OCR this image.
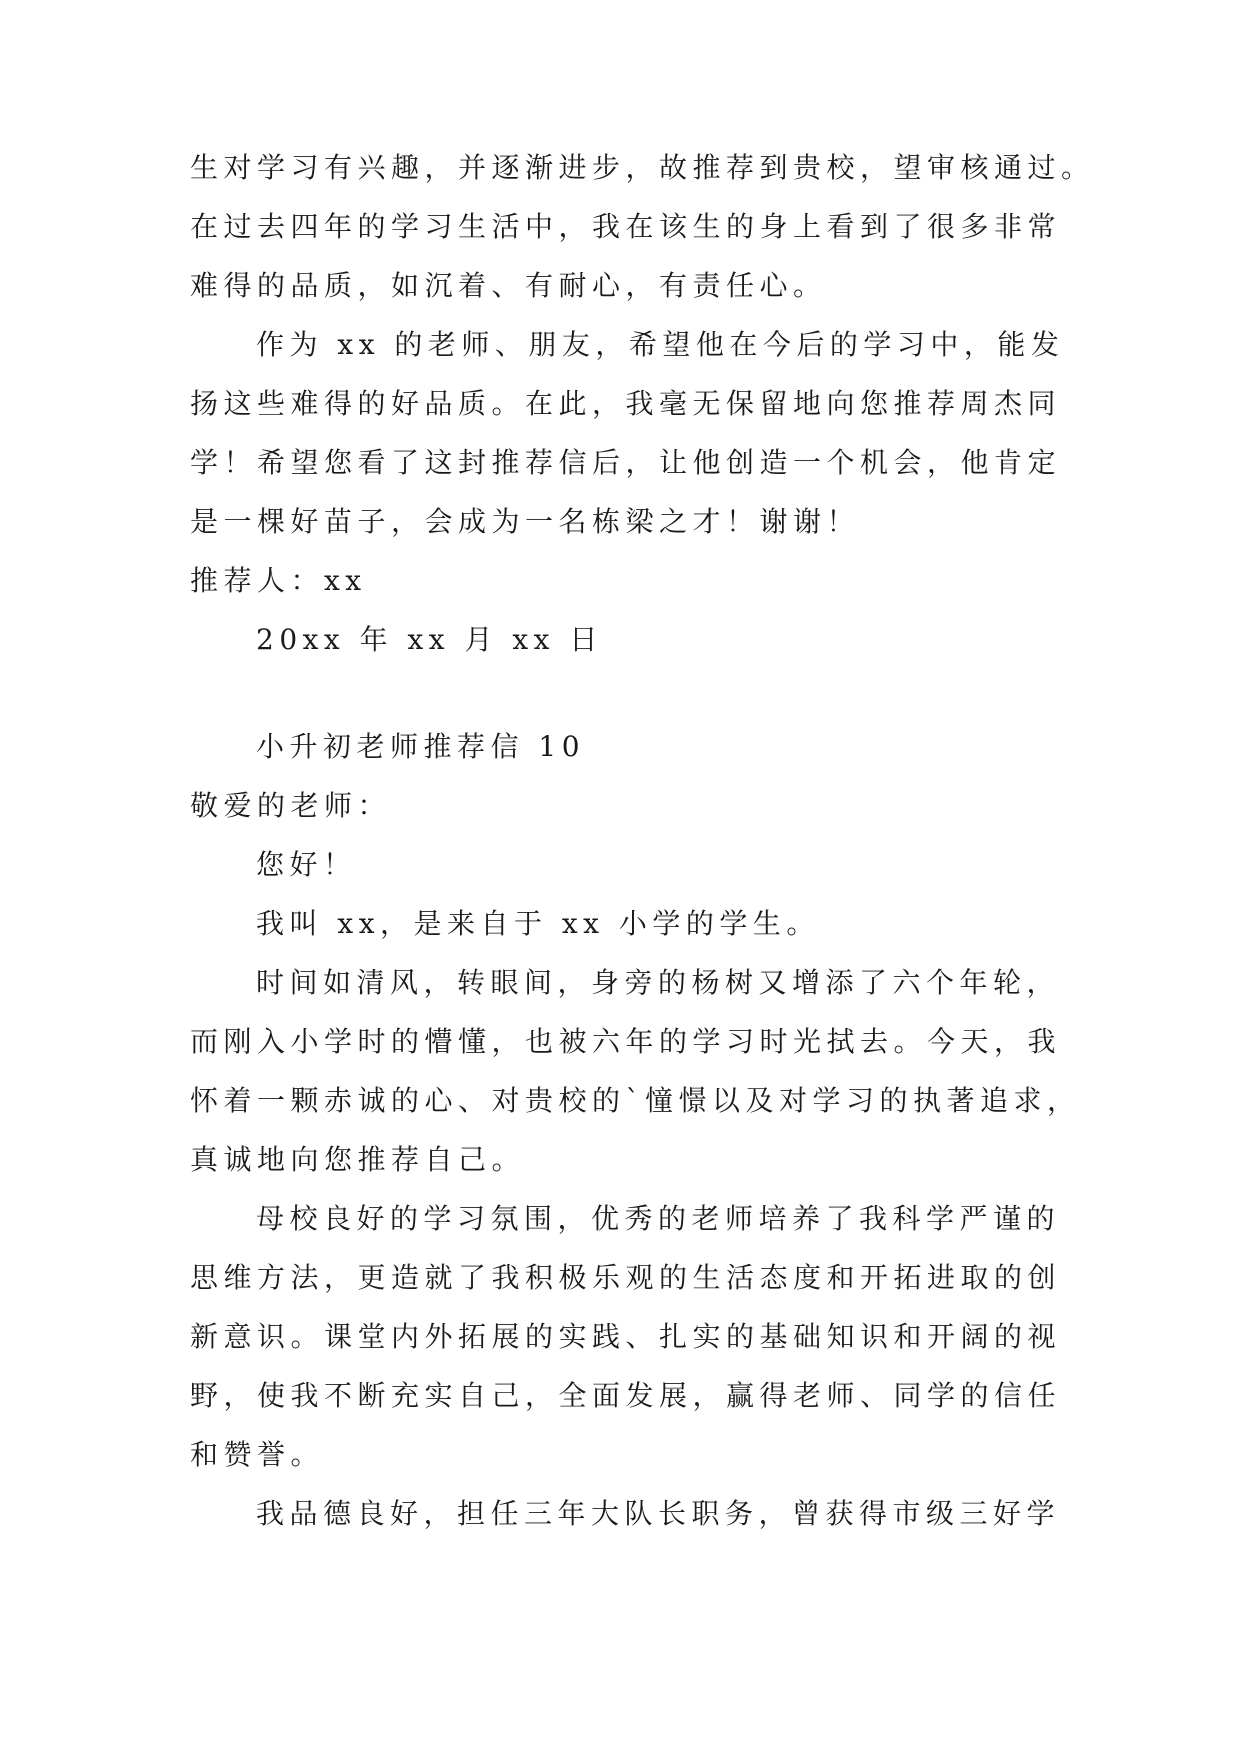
生对学习有兴趣，并逐渐进步，故推荐到贵校，望审核通过。
在过去四年的学习生活中，我在该生的身上看到了很多非常
难得的品质，如沉着、有耐心，有责任心。
作为 xx 的老师、朋友，希望他在今后的学习中，能发
扬这些难得的好品质。在此，我毫无保留地向您推荐周杰同
学！希望您看了这封推荐信后，让他创造一个机会，他肯定
是一棵好苗子，会成为一名栋梁之才！谢谢！
推荐人：xx
20xx 年 xx 月 xx 日
小升初老师推荐信 10
敬爱的老师：
您好！
我叫 xx，是来自于 xx 小学的学生。
时间如清风，转眼间，身旁的杨树又增添了六个年轮，
而刚入小学时的懵懂，也被六年的学习时光拭去。今天，我
怀着一颗赤诚的心、对贵校的`憧憬以及对学习的执著追求，
真诚地向您推荐自己。
母校良好的学习氛围，优秀的老师培养了我科学严谨的
思维方法，更造就了我积极乐观的生活态度和开拓进取的创
新意识。课堂内外拓展的实践、扎实的基础知识和开阔的视
野，使我不断充实自己，全面发展，赢得老师、同学的信任
和赞誉。
我品德良好，担任三年大队长职务，曾获得市级三好学
